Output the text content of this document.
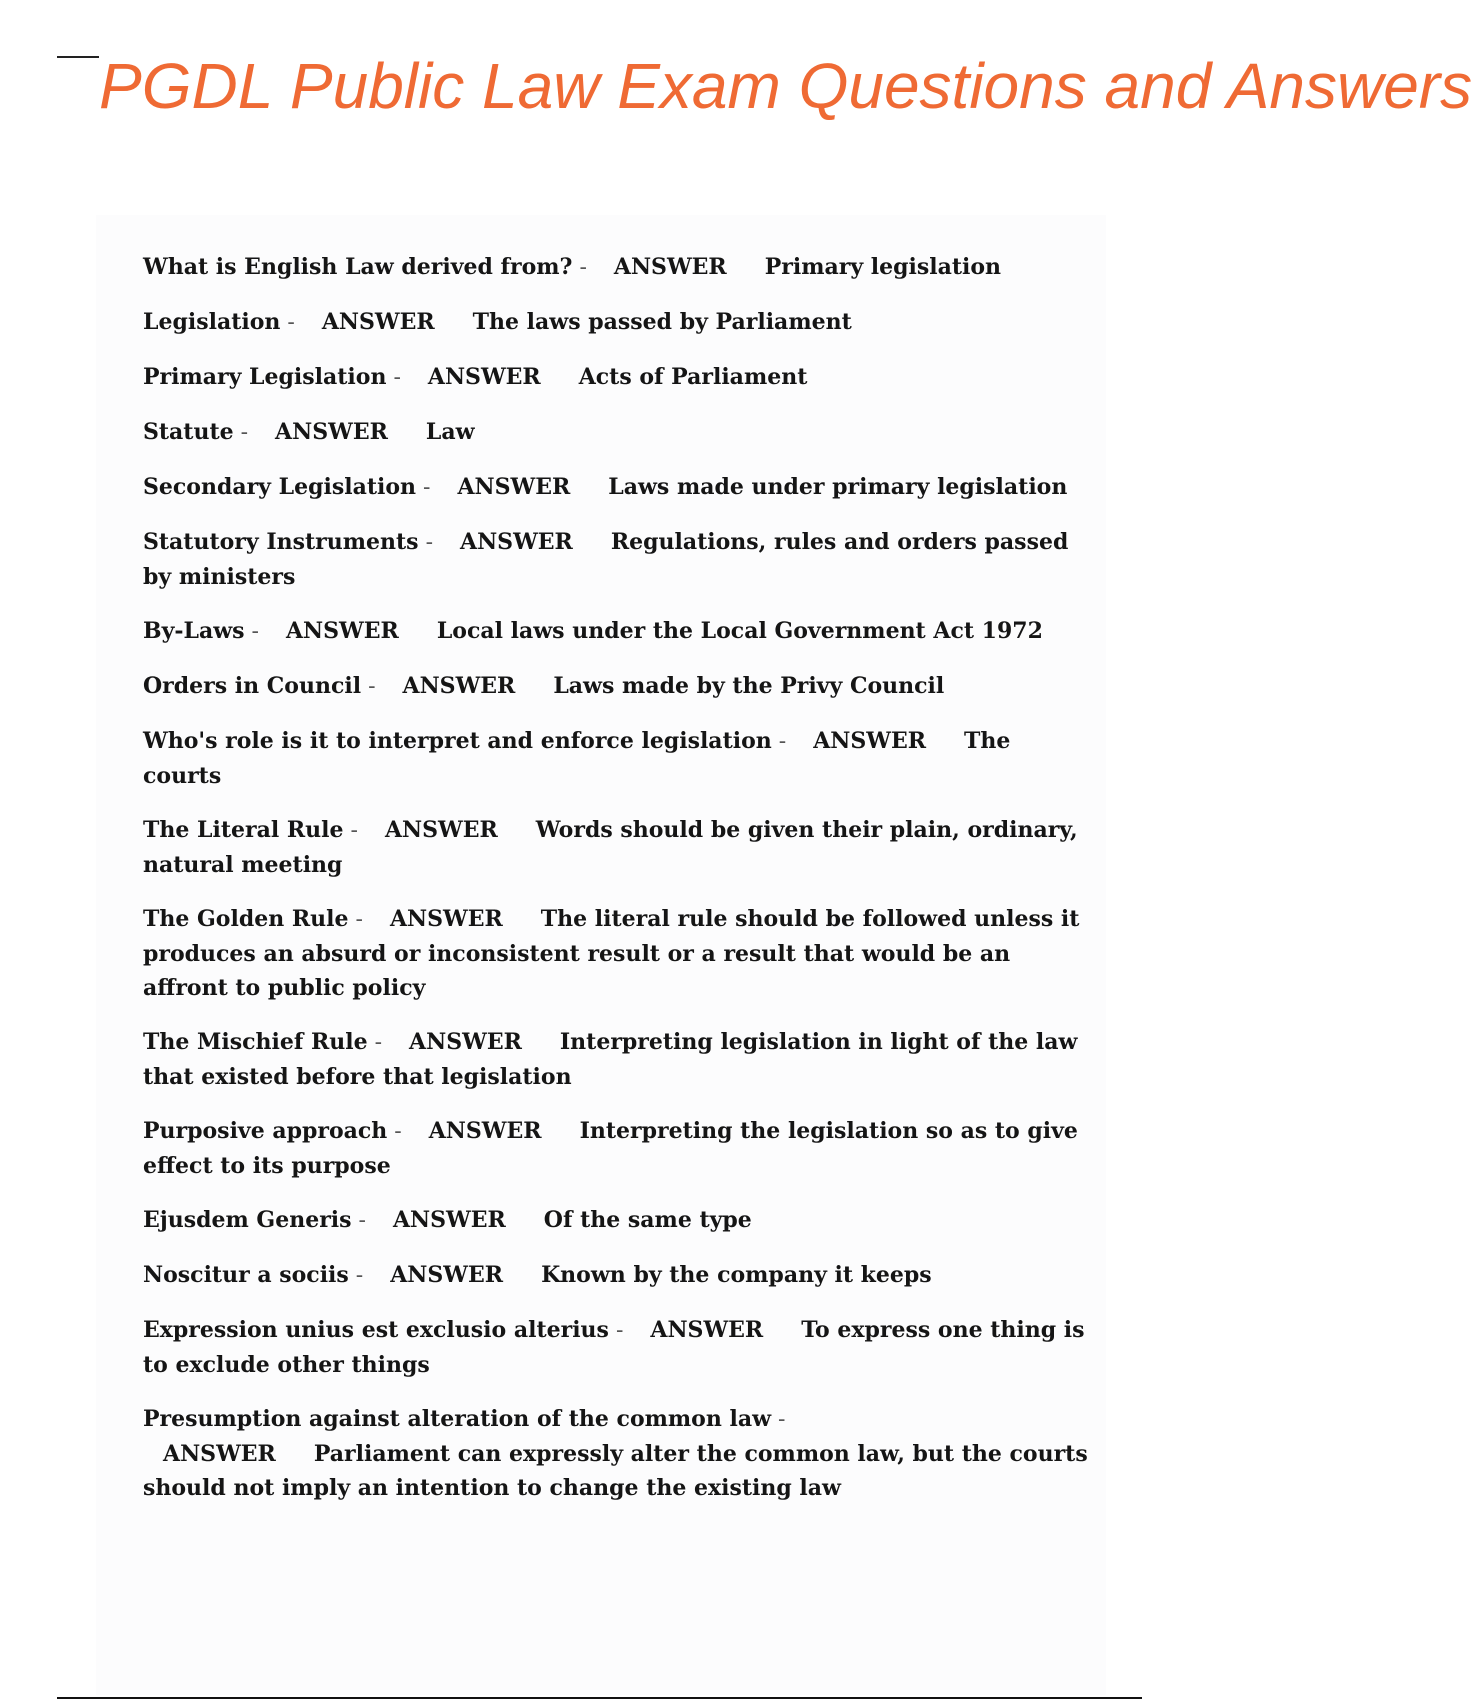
PGDL Public Law Exam Questions and Answers
What is English Law derived from? - ANSWER Primary legislation
Legislation - ANSWER The laws passed by Parliament
Primary Legislation - ANSWER Acts of Parliament
Statute - ANSWER Law
Secondary Legislation - ANSWER Laws made under primary legislation
Statutory Instruments - ANSWER Regulations, rules and orders passed by ministers
By-Laws - ANSWER Local laws under the Local Government Act 1972
Orders in Council - ANSWER Laws made by the Privy Council
Who's role is it to interpret and enforce legislation - ANSWER The courts
The Literal Rule - ANSWER Words should be given their plain, ordinary, natural meeting
The Golden Rule - ANSWER The literal rule should be followed unless it produces an absurd or inconsistent result or a result that would be an affront to public policy
The Mischief Rule - ANSWER Interpreting legislation in light of the law that existed before that legislation
Purposive approach - ANSWER Interpreting the legislation so as to give effect to its purpose
Ejusdem Generis - ANSWER Of the same type
Noscitur a sociis - ANSWER Known by the company it keeps
Expression unius est exclusio alterius - ANSWER To express one thing is to exclude other things
Presumption against alteration of the common law - ANSWER Parliament can expressly alter the common law, but the courts should not imply an intention to change the existing law
